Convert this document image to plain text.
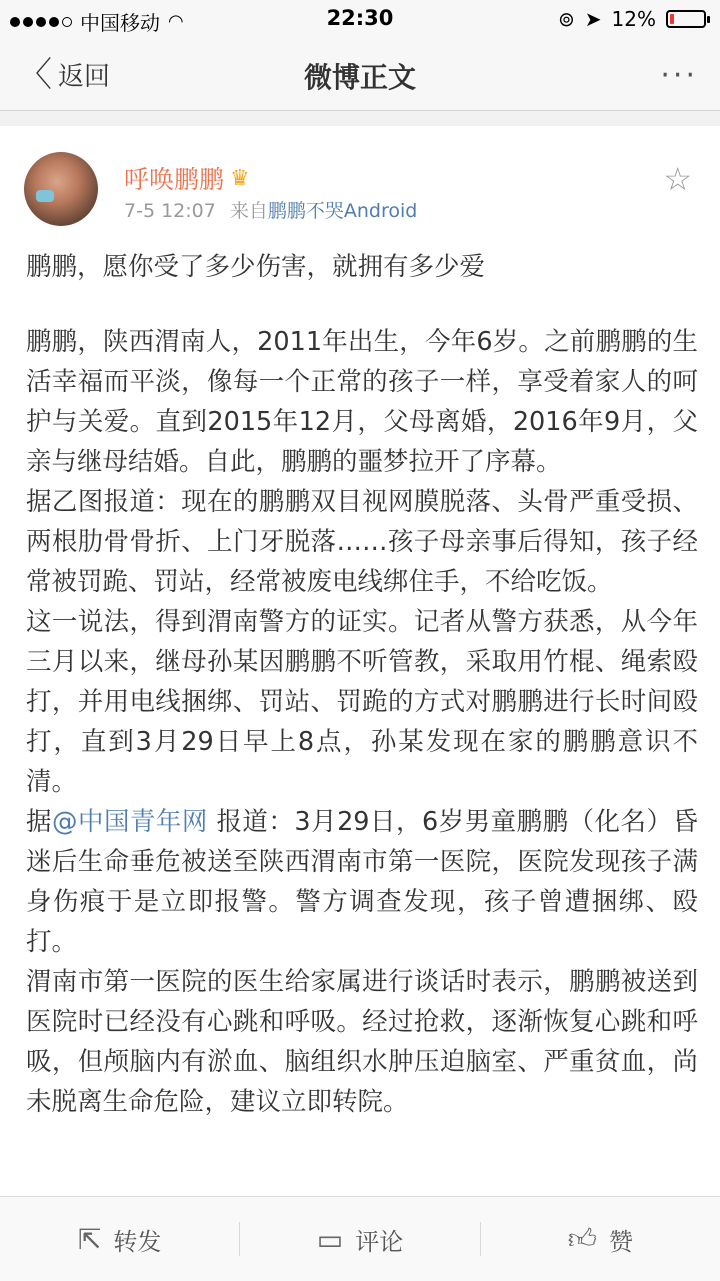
中国移动 ◠	22:30	⊚ ➤ 12%
〈 返回	微博正文	···
呼唤鹏鹏 ♛
7-5 12:07 来自鹏鹏不哭Android
☆
鹏鹏，愿你受了多少伤害，就拥有多少爱

鹏鹏，陕西渭南人，2011年出生，今年6岁。之前鹏鹏的生活幸福而平淡，像每一个正常的孩子一样，享受着家人的呵护与关爱。直到2015年12月，父母离婚，2016年9月，父亲与继母结婚。自此，鹏鹏的噩梦拉开了序幕。

据乙图报道：现在的鹏鹏双目视网膜脱落、头骨严重受损、两根肋骨骨折、上门牙脱落……孩子母亲事后得知，孩子经常被罚跪、罚站，经常被废电线绑住手，不给吃饭。

这一说法，得到渭南警方的证实。记者从警方获悉，从今年三月以来，继母孙某因鹏鹏不听管教，采取用竹棍、绳索殴打，并用电线捆绑、罚站、罚跪的方式对鹏鹏进行长时间殴打，直到3月29日早上8点，孙某发现在家的鹏鹏意识不清。

据@中国青年网 报道：3月29日，6岁男童鹏鹏（化名）昏迷后生命垂危被送至陕西渭南市第一医院，医院发现孩子满身伤痕于是立即报警。警方调查发现，孩子曾遭捆绑、殴打。

渭南市第一医院的医生给家属进行谈话时表示，鹏鹏被送到医院时已经没有心跳和呼吸。经过抢救，逐渐恢复心跳和呼吸，但颅脑内有淤血、脑组织水肿压迫脑室、严重贫血，尚未脱离生命危险，建议立即转院。

⇱ 转发	▭ 评论	👍︎ 赞
